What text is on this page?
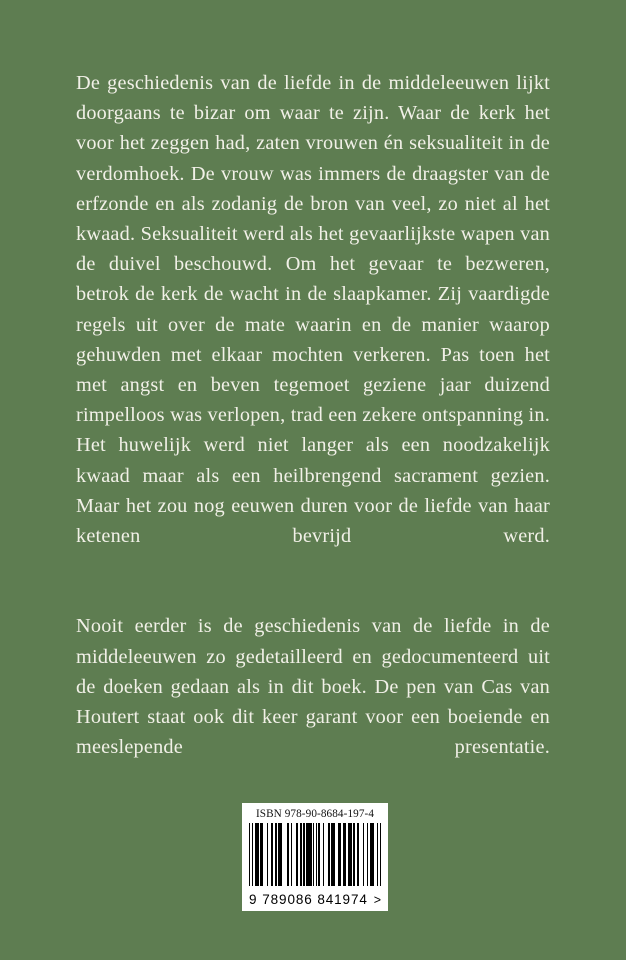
De geschiedenis van de liefde in de middeleeuwen lijkt doorgaans te bizar om waar te zijn. Waar de kerk het voor het zeggen had, zaten vrouwen én seksualiteit in de verdomhoek. De vrouw was immers de draagster van de erfzonde en als zodanig de bron van veel, zo niet al het kwaad. Seksualiteit werd als het gevaarlijkste wapen van de duivel beschouwd. Om het gevaar te bezweren, betrok de kerk de wacht in de slaapkamer. Zij vaardigde regels uit over de mate waarin en de manier waarop gehuwden met elkaar mochten verkeren. Pas toen het met angst en beven tegemoet geziene jaar duizend rimpelloos was verlopen, trad een zekere ontspanning in. Het huwelijk werd niet langer als een noodzakelijk kwaad maar als een heilbrengend sacrament gezien. Maar het zou nog eeuwen duren voor de liefde van haar ketenen bevrijd werd.

Nooit eerder is de geschiedenis van de liefde in de middeleeuwen zo gedetailleerd en gedocumenteerd uit de doeken gedaan als in dit boek. De pen van Cas van Houtert staat ook dit keer garant voor een boeiende en meeslepende presentatie.

ISBN 978-90-8684-197-4
9 789086 841974 >
